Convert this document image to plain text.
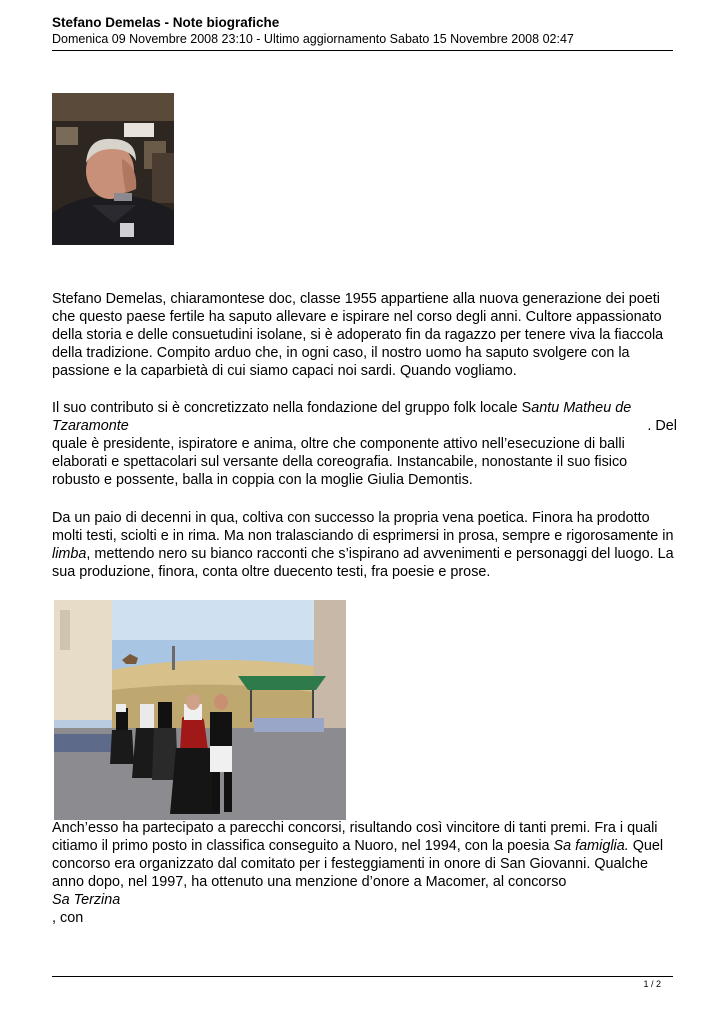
Stefano Demelas - Note biografiche
Domenica 09 Novembre 2008 23:10 - Ultimo aggiornamento Sabato 15 Novembre 2008 02:47

Stefano Demelas, chiaramontese doc, classe 1955 appartiene alla nuova generazione dei poeti che questo paese fertile ha saputo allevare e ispirare nel corso degli anni. Cultore appassionato della storia e delle consuetudini isolane, si è adoperato fin da ragazzo per tenere viva la fiaccola della tradizione. Compito arduo che, in ogni caso, il nostro uomo ha saputo svolgere con la passione e la caparbietà di cui siamo capaci noi sardi. Quando vogliamo.

Il suo contributo si è concretizzato nella fondazione del gruppo folk locale Santu Matheu de Tzaramonte	. Del

quale è presidente, ispiratore e anima, oltre che componente attivo nell’esecuzione di balli elaborati e spettacolari sul versante della coreografia. Instancabile, nonostante il suo fisico robusto e possente, balla in coppia con la moglie Giulia Demontis.

Da un paio di decenni in qua, coltiva con successo la propria vena poetica. Finora ha prodotto molti testi, sciolti e in rima. Ma non tralasciando di esprimersi in prosa, sempre e rigorosamente in limba, mettendo nero su bianco racconti che s’ispirano ad avvenimenti e personaggi del luogo. La sua produzione, finora, conta oltre duecento testi, fra poesie e prose.

Anch’esso ha partecipato a parecchi concorsi, risultando così vincitore di tanti premi. Fra i quali citiamo il primo posto in classifica conseguito a Nuoro, nel 1994, con la poesia Sa famiglia. Quel concorso era organizzato dal comitato per i festeggiamenti in onore di San Giovanni. Qualche anno dopo, nel 1997, ha ottenuto una menzione d’onore a Macomer, al concorso
Sa Terzina
, con

1 / 2
